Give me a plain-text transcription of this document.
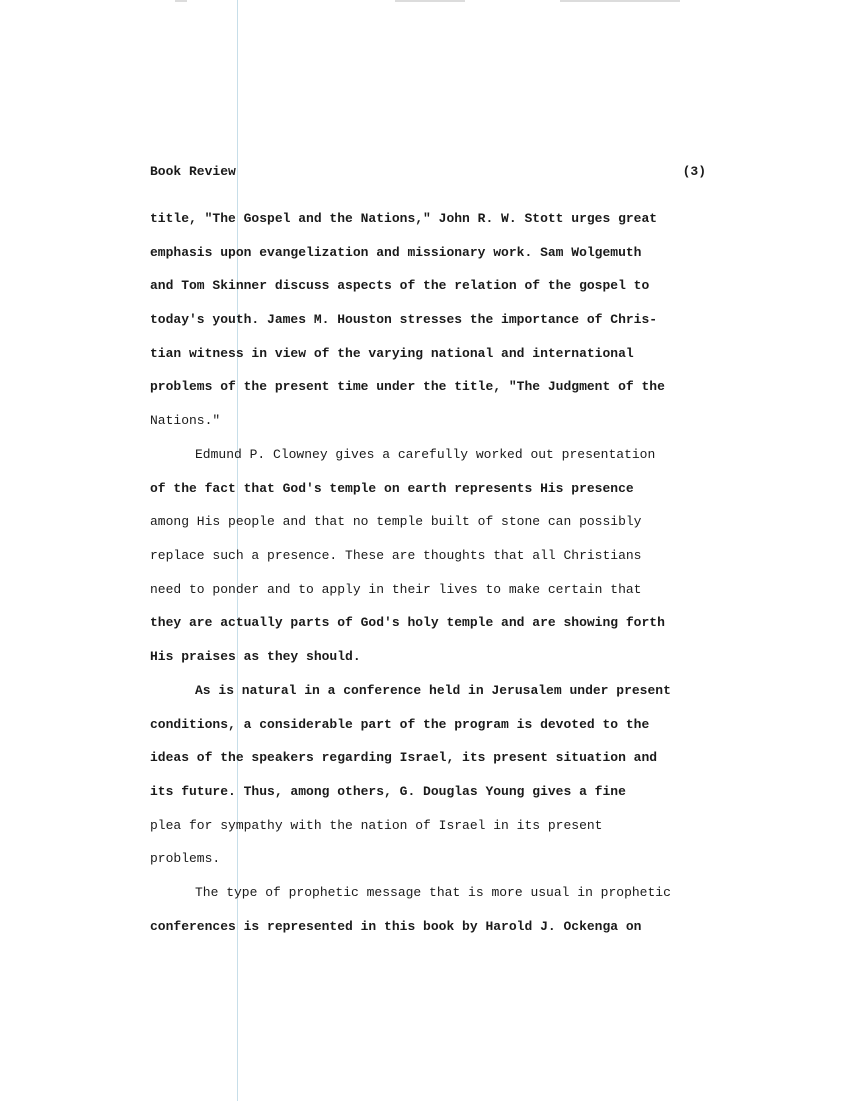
Book Review	(3)
title, "The Gospel and the Nations," John R. W. Stott urges great
emphasis upon evangelization and missionary work. Sam Wolgemuth
and Tom Skinner discuss aspects of the relation of the gospel to
today's youth. James M. Houston stresses the importance of Chris-
tian witness in view of the varying national and international
problems of the present time under the title, "The Judgment of the
Nations."
Edmund P. Clowney gives a carefully worked out presentation
of the fact that God's temple on earth represents His presence
among His people and that no temple built of stone can possibly
replace such a presence. These are thoughts that all Christians
need to ponder and to apply in their lives to make certain that
they are actually parts of God's holy temple and are showing forth
His praises as they should.
As is natural in a conference held in Jerusalem under present
conditions, a considerable part of the program is devoted to the
ideas of the speakers regarding Israel, its present situation and
its future. Thus, among others, G. Douglas Young gives a fine
plea for sympathy with the nation of Israel in its present
problems.
The type of prophetic message that is more usual in prophetic
conferences is represented in this book by Harold J. Ockenga on
